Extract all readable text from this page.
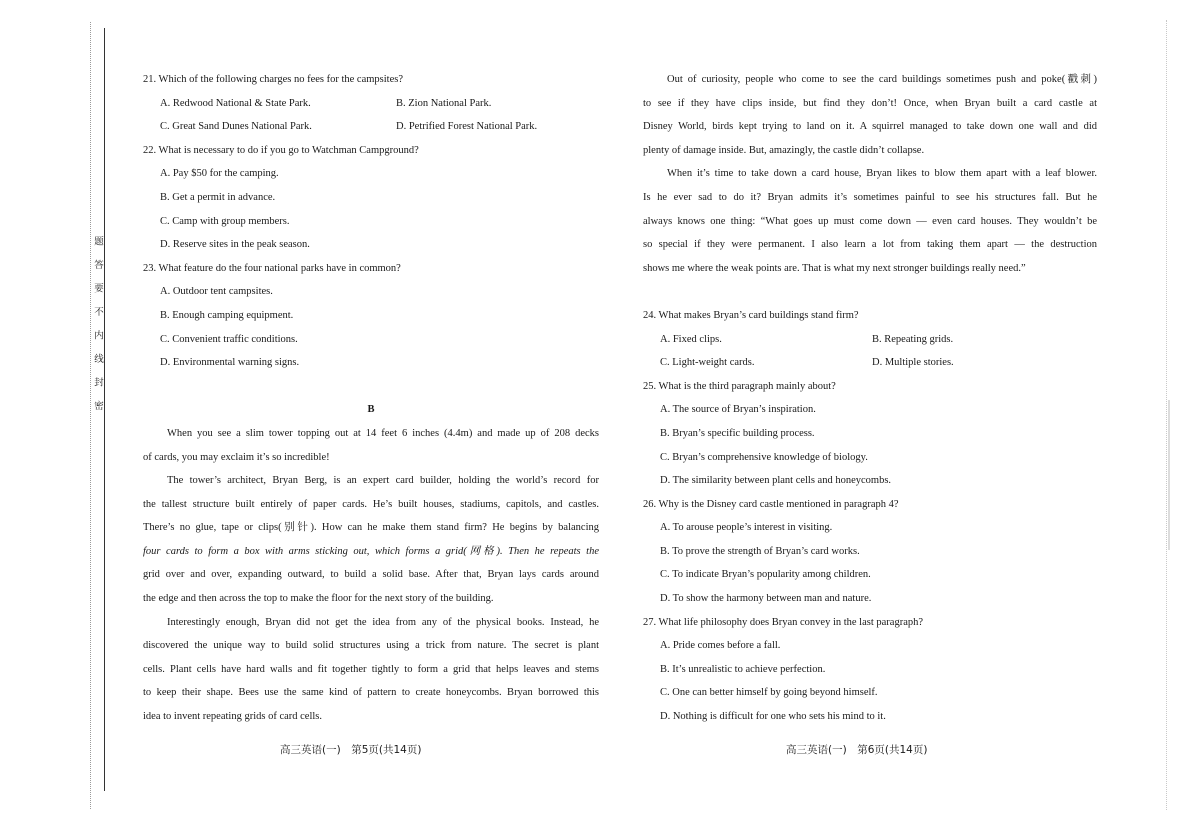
题答要不内线封密
21. Which of the following charges no fees for the campsites?
A. Redwood National & State Park.	B. Zion National Park.
C. Great Sand Dunes National Park.	D. Petrified Forest National Park.
22. What is necessary to do if you go to Watchman Campground?
A. Pay $50 for the camping.
B. Get a permit in advance.
C. Camp with group members.
D. Reserve sites in the peak season.
23. What feature do the four national parks have in common?
A. Outdoor tent campsites.
B. Enough camping equipment.
C. Convenient traffic conditions.
D. Environmental warning signs.
B
When you see a slim tower topping out at 14 feet 6 inches (4.4m) and made up of 208 decks
of cards, you may exclaim it’s so incredible!
The tower’s architect, Bryan Berg, is an expert card builder, holding the world’s record for
the tallest structure built entirely of paper cards. He’s built houses, stadiums, capitols, and castles.
There’s no glue, tape or clips(别针). How can he make them stand firm? He begins by balancing
four cards to form a box with arms sticking out, which forms a grid(网格). Then he repeats the
grid over and over, expanding outward, to build a solid base. After that, Bryan lays cards around
the edge and then across the top to make the floor for the next story of the building.
Interestingly enough, Bryan did not get the idea from any of the physical books. Instead, he
discovered the unique way to build solid structures using a trick from nature. The secret is plant
cells. Plant cells have hard walls and fit together tightly to form a grid that helps leaves and stems
to keep their shape. Bees use the same kind of pattern to create honeycombs. Bryan borrowed this
idea to invent repeating grids of card cells.
Out of curiosity, people who come to see the card buildings sometimes push and poke(戳刺)
to see if they have clips inside, but find they don’t! Once, when Bryan built a card castle at
Disney World, birds kept trying to land on it. A squirrel managed to take down one wall and did
plenty of damage inside. But, amazingly, the castle didn’t collapse.
When it’s time to take down a card house, Bryan likes to blow them apart with a leaf blower.
Is he ever sad to do it? Bryan admits it’s sometimes painful to see his structures fall. But he
always knows one thing: “What goes up must come down — even card houses. They wouldn’t be
so special if they were permanent. I also learn a lot from taking them apart — the destruction
shows me where the weak points are. That is what my next stronger buildings really need.”
24. What makes Bryan’s card buildings stand firm?
A. Fixed clips.	B. Repeating grids.
C. Light-weight cards.	D. Multiple stories.
25. What is the third paragraph mainly about?
A. The source of Bryan’s inspiration.
B. Bryan’s specific building process.
C. Bryan’s comprehensive knowledge of biology.
D. The similarity between plant cells and honeycombs.
26. Why is the Disney card castle mentioned in paragraph 4?
A. To arouse people’s interest in visiting.
B. To prove the strength of Bryan’s card works.
C. To indicate Bryan’s popularity among children.
D. To show the harmony between man and nature.
27. What life philosophy does Bryan convey in the last paragraph?
A. Pride comes before a fall.
B. It’s unrealistic to achieve perfection.
C. One can better himself by going beyond himself.
D. Nothing is difficult for one who sets his mind to it.
高三英语(一)　第5页(共14页)	高三英语(一)　第6页(共14页)
